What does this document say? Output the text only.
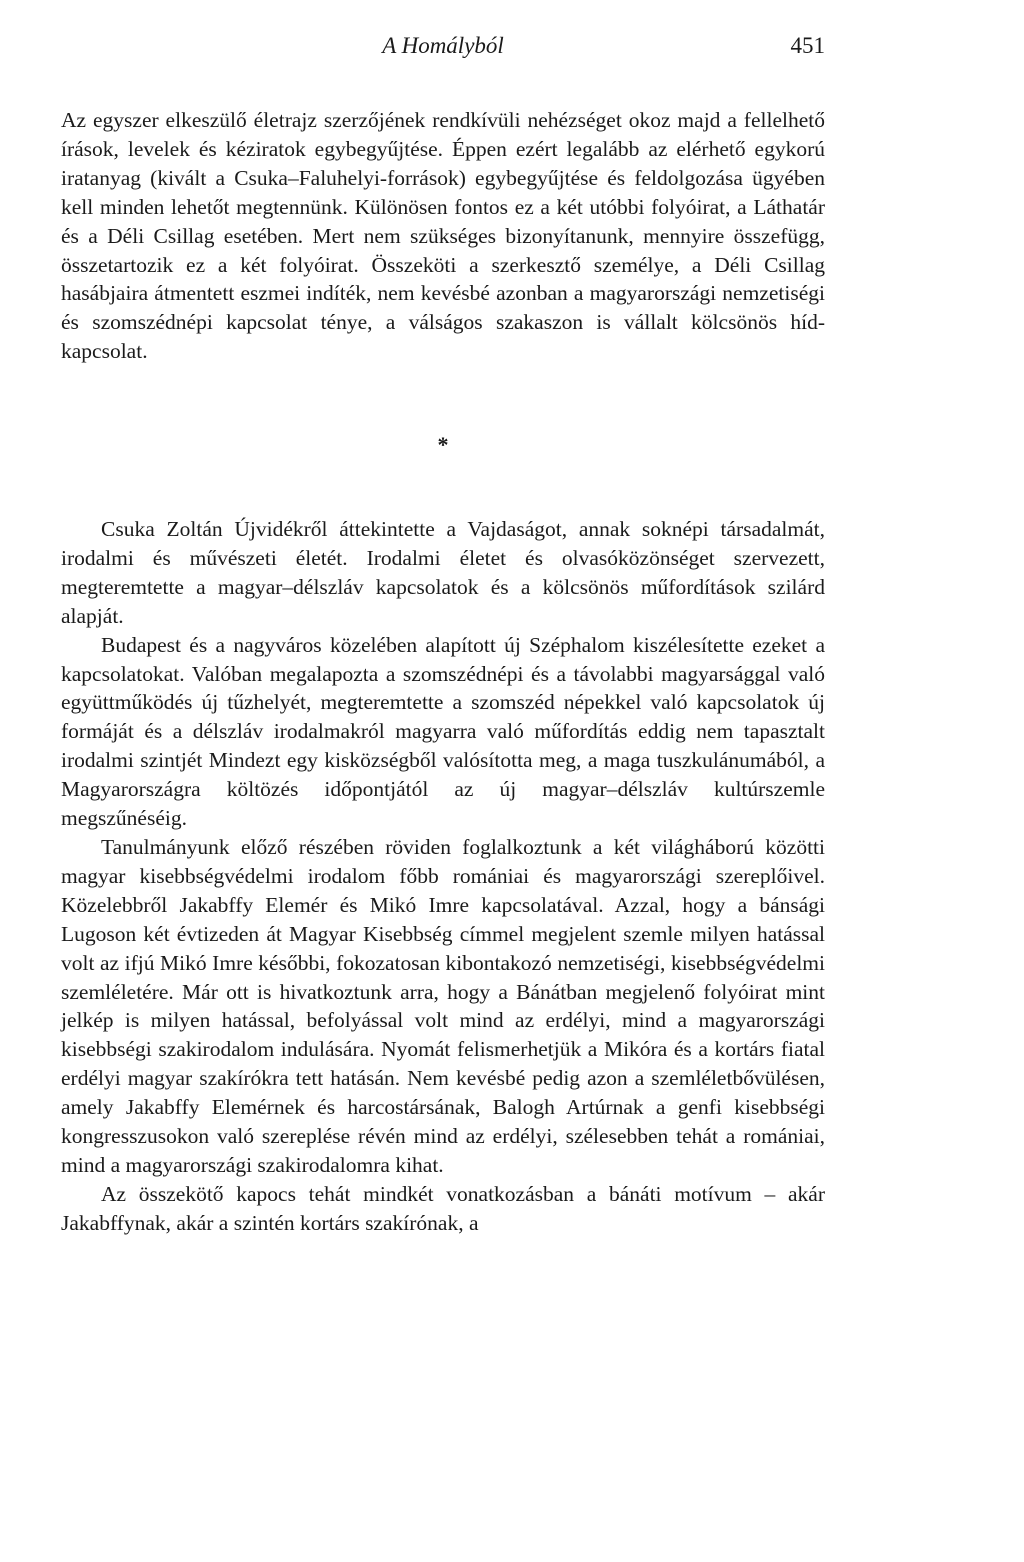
A Homályból	451

Az egyszer elkeszülő életrajz szerzőjének rendkívüli nehézséget okoz majd a fellelhető írások, levelek és kéziratok egybegyűjtése. Éppen ezért legalább az elérhető egykorú iratanyag (kivált a Csuka–Faluhelyi-források) egybegyűjtése és feldolgozása ügyében kell minden lehetőt megtennünk. Különösen fontos ez a két utóbbi folyóirat, a Láthatár és a Déli Csillag esetében. Mert nem szükséges bizonyítanunk, mennyire összefügg, összetartozik ez a két folyóirat. Összeköti a szerkesztő személye, a Déli Csillag hasábjaira átmentett eszmei indíték, nem kevésbé azonban a magyarországi nemzetiségi és szomszédnépi kapcsolat ténye, a válságos szakaszon is vállalt kölcsönös híd-kapcsolat.

*

Csuka Zoltán Újvidékről áttekintette a Vajdaságot, annak soknépi társadalmát, irodalmi és művészeti életét. Irodalmi életet és olvasóközönséget szervezett, megteremtette a magyar–délszláv kapcsolatok és a kölcsönös műfordítások szilárd alapját.

Budapest és a nagyváros közelében alapított új Széphalom kiszélesítette ezeket a kapcsolatokat. Valóban megalapozta a szomszédnépi és a távolabbi magyarsággal való együttműködés új tűzhelyét, megteremtette a szomszéd népekkel való kapcsolatok új formáját és a délszláv irodalmakról magyarra való műfordítás eddig nem tapasztalt irodalmi szintjét Mindezt egy kisközségből valósította meg, a maga tuszkulánumából, a Magyarországra költözés időpontjától az új magyar–délszláv kultúrszemle megszűnéséig.

Tanulmányunk előző részében röviden foglalkoztunk a két világháború közötti magyar kisebbségvédelmi irodalom főbb romániai és magyarországi szereplőivel. Közelebbről Jakabffy Elemér és Mikó Imre kapcsolatával. Azzal, hogy a bánsági Lugoson két évtizeden át Magyar Kisebbség címmel megjelent szemle milyen hatással volt az ifjú Mikó Imre későbbi, fokozatosan kibontakozó nemzetiségi, kisebbségvédelmi szemléletére. Már ott is hivatkoztunk arra, hogy a Bánátban megjelenő folyóirat mint jelkép is milyen hatással, befolyással volt mind az erdélyi, mind a magyarországi kisebbségi szakirodalom indulására. Nyomát felismerhetjük a Mikóra és a kortárs fiatal erdélyi magyar szakírókra tett hatásán. Nem kevésbé pedig azon a szemléletbővülésen, amely Jakabffy Elemérnek és harcostársának, Balogh Artúrnak a genfi kisebbségi kongresszusokon való szereplése révén mind az erdélyi, szélesebben tehát a romániai, mind a magyarországi szakirodalomra kihat.

Az összekötő kapocs tehát mindkét vonatkozásban a bánáti motívum – akár Jakabffynak, akár a szintén kortárs szakírónak, a
